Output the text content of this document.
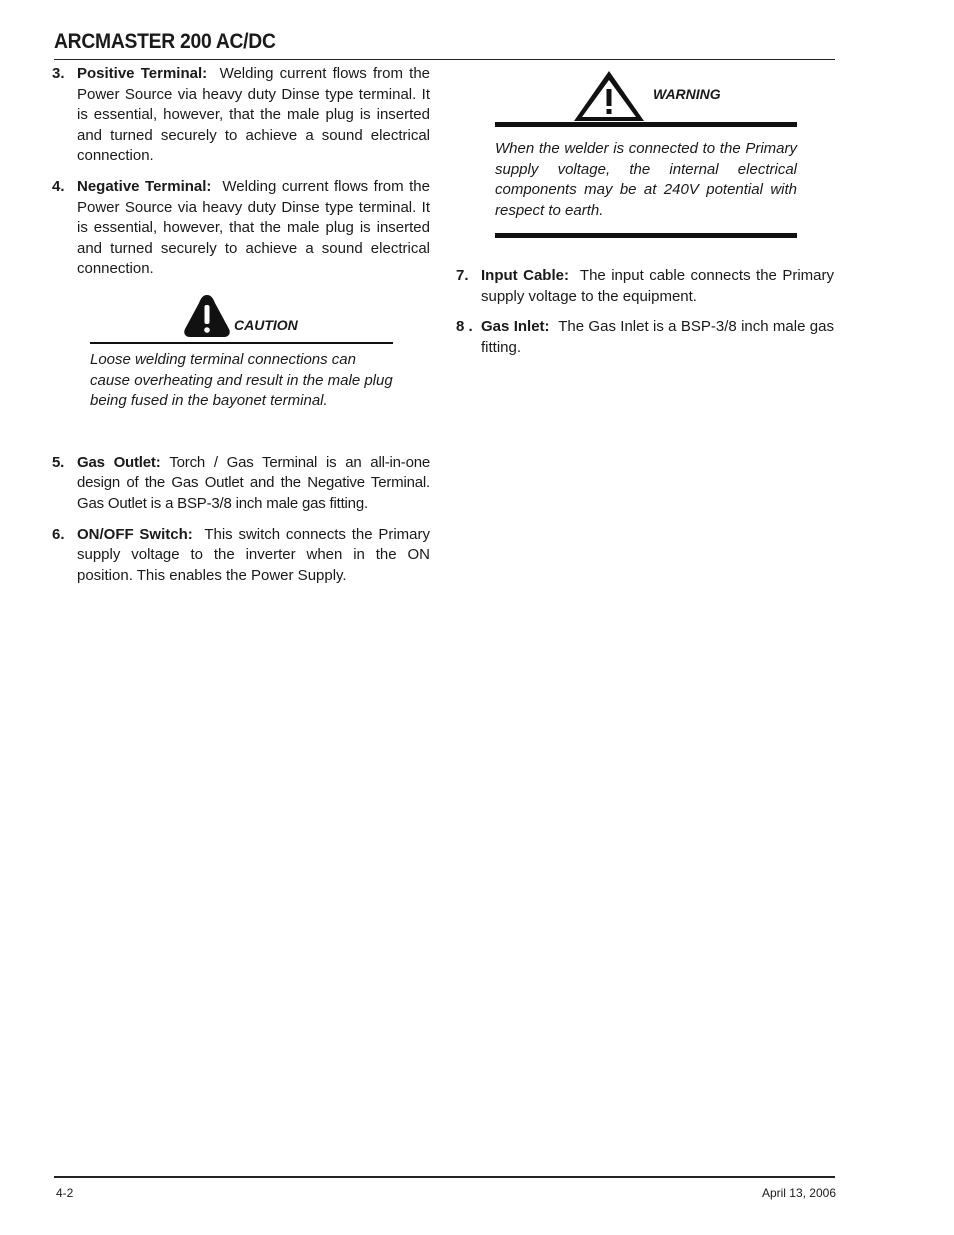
ARCMASTER 200 AC/DC
3. Positive Terminal: Welding current flows from the Power Source via heavy duty Dinse type terminal. It is essential, however, that the male plug is inserted and turned securely to achieve a sound electrical connection.

4. Negative Terminal: Welding current flows from the Power Source via heavy duty Dinse type terminal. It is essential, however, that the male plug is inserted and turned securely to achieve a sound electrical connection.

CAUTION
Loose welding terminal connections can cause overheating and result in the male plug being fused in the bayonet terminal.
5. Gas Outlet: Torch / Gas Terminal is an all-in-one design of the Gas Outlet and the Negative Terminal. Gas Outlet is a BSP-3/8 inch male gas fitting.

6. ON/OFF Switch: This switch connects the Primary supply voltage to the inverter when in the ON position. This enables the Power Supply.

WARNING
When the welder is connected to the Primary supply voltage, the internal electrical components may be at 240V potential with respect to earth.
7. Input Cable: The input cable connects the Primary supply voltage to the equipment.

8 . Gas Inlet: The Gas Inlet is a BSP-3/8 inch male gas fitting.

4-2	April 13, 2006
